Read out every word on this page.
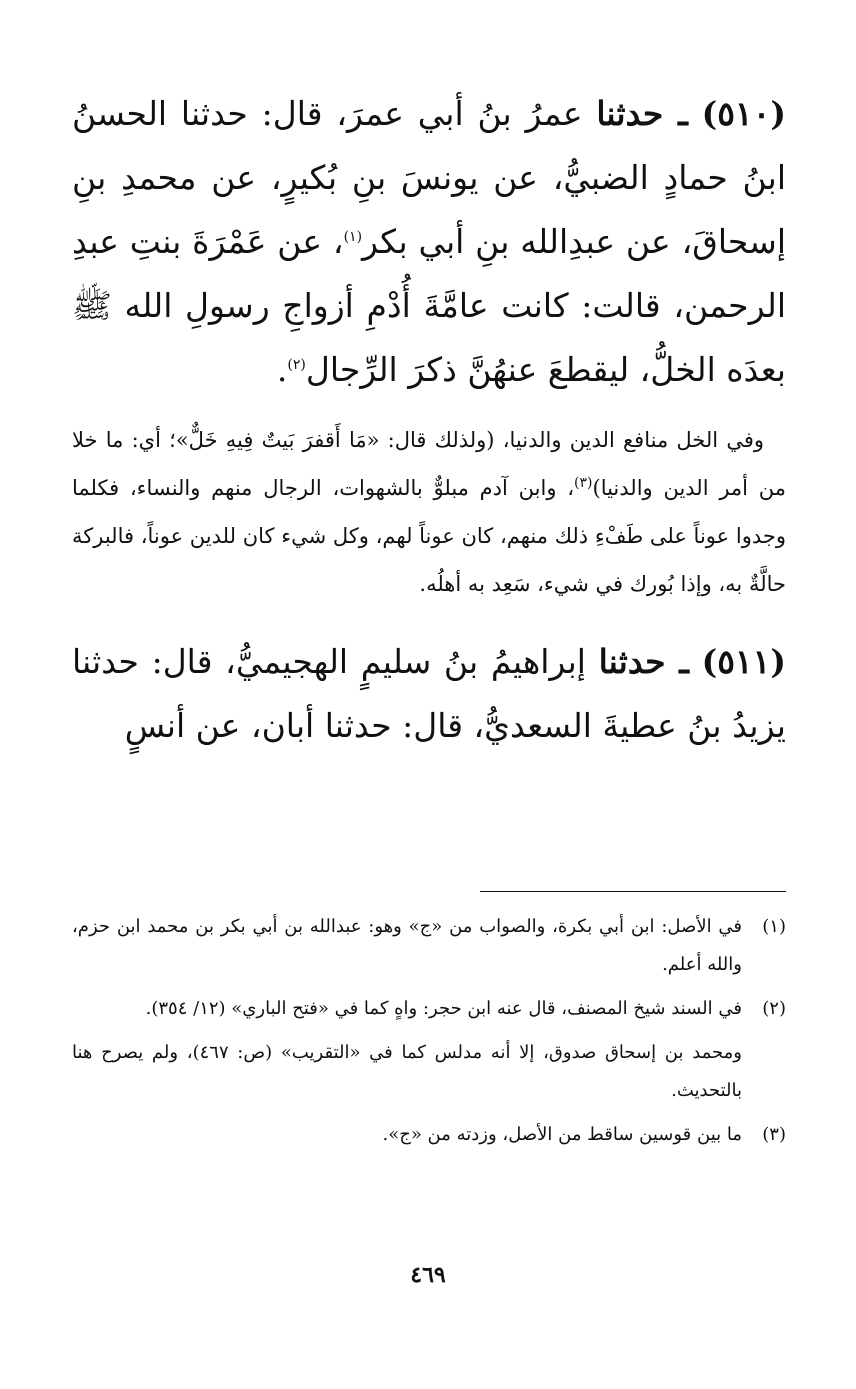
(٥١٠) ـ حدثنا عمرُ بنُ أبي عمرَ، قال: حدثنا الحسنُ ابنُ حمادٍ الضبيُّ، عن يونسَ بنِ بُكيرٍ، عن محمدِ بنِ إسحاقَ، عن عبدِالله بنِ أبي بكر$^{(١)}$، عن عَمْرَةَ بنتِ عبدِ الرحمن، قالت: كانت عامَّةَ أُدْمِ أزواجِ رسولِ الله ﷺ بعدَه الخلُّ، ليقطعَ عنهُنَّ ذكرَ الرِّجال$^{(٢)}$.

وفي الخل منافع الدين والدنيا، (ولذلك قال: «مَا أَقفرَ بَيتٌ فِيهِ خَلٌّ»؛ أي: ما خلا من أمر الدين والدنيا)$^{(٣)}$، وابن آدم مبلوٌّ بالشهوات، الرجال منهم والنساء، فكلما وجدوا عوناً على طَفْءِ ذلك منهم، كان عوناً لهم، وكل شيء كان للدين عوناً، فالبركة حالَّةٌ به، وإذا بُورك في شيء، سَعِد به أهلُه.

(٥١١) ـ حدثنا إبراهيمُ بنُ سليمٍ الهجيميُّ، قال: حدثنا يزيدُ بنُ عطيةَ السعديُّ، قال: حدثنا أبان، عن أنسٍ

(١)
في الأصل: ابن أبي بكرة، والصواب من «ج» وهو: عبدالله بن أبي بكر بن محمد ابن حزم، والله أعلم.
(٢)
في السند شيخ المصنف، قال عنه ابن حجر: واهٍ كما في «فتح الباري» (١٢/ ٣٥٤).
ومحمد بن إسحاق صدوق، إلا أنه مدلس كما في «التقريب» (ص: ٤٦٧)، ولم يصرح هنا بالتحديث.
(٣)
ما بين قوسين ساقط من الأصل، وزدته من «ج».
٤٦٩
